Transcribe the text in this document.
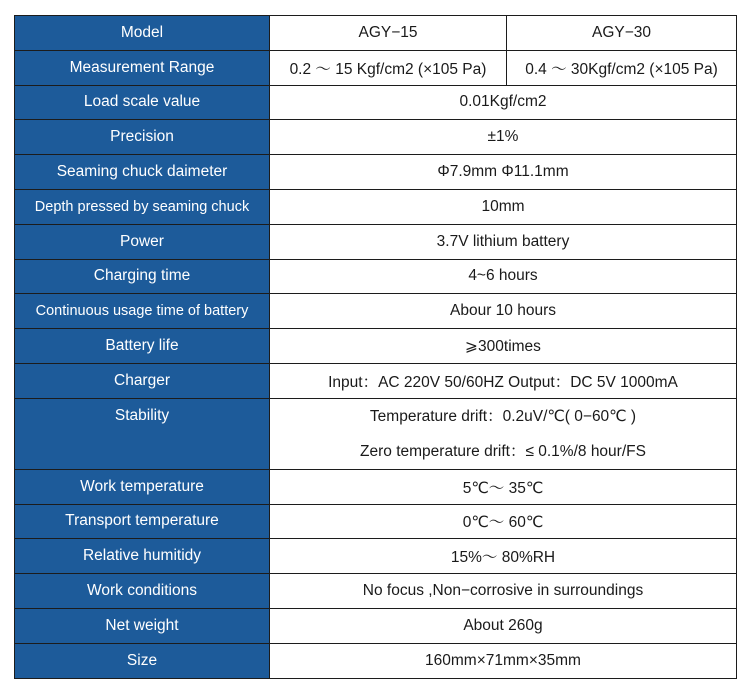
Model	AGY−15	AGY−30
Measurement Range	0.2 ～ 15 Kgf/cm2 (×105 Pa)	0.4 ～ 30Kgf/cm2 (×105 Pa)
Load scale value	0.01Kgf/cm2	
Precision	±1%	
Seaming chuck daimeter	Φ7.9mm Φ11.1mm	
Depth pressed by seaming chuck	10mm	
Power	3.7V lithium battery	
Charging time	4~6 hours	
Continuous usage time of battery	Abour 10 hours	
Battery life	⩾300times	
Charger	Input：AC 220V 50/60HZ Output：DC 5V 1000mA	
Stability	Temperature drift：0.2uV/℃( 0−60℃ )
Zero temperature drift：≤ 0.1%/8 hour/FS	

Work temperature	5℃～ 35℃	
Transport temperature	0℃～ 60℃	
Relative humitidy	15%～ 80%RH	
Work conditions	No focus ,Non−corrosive in surroundings	
Net weight	About 260g	
Size	160mm×71mm×35mm	
